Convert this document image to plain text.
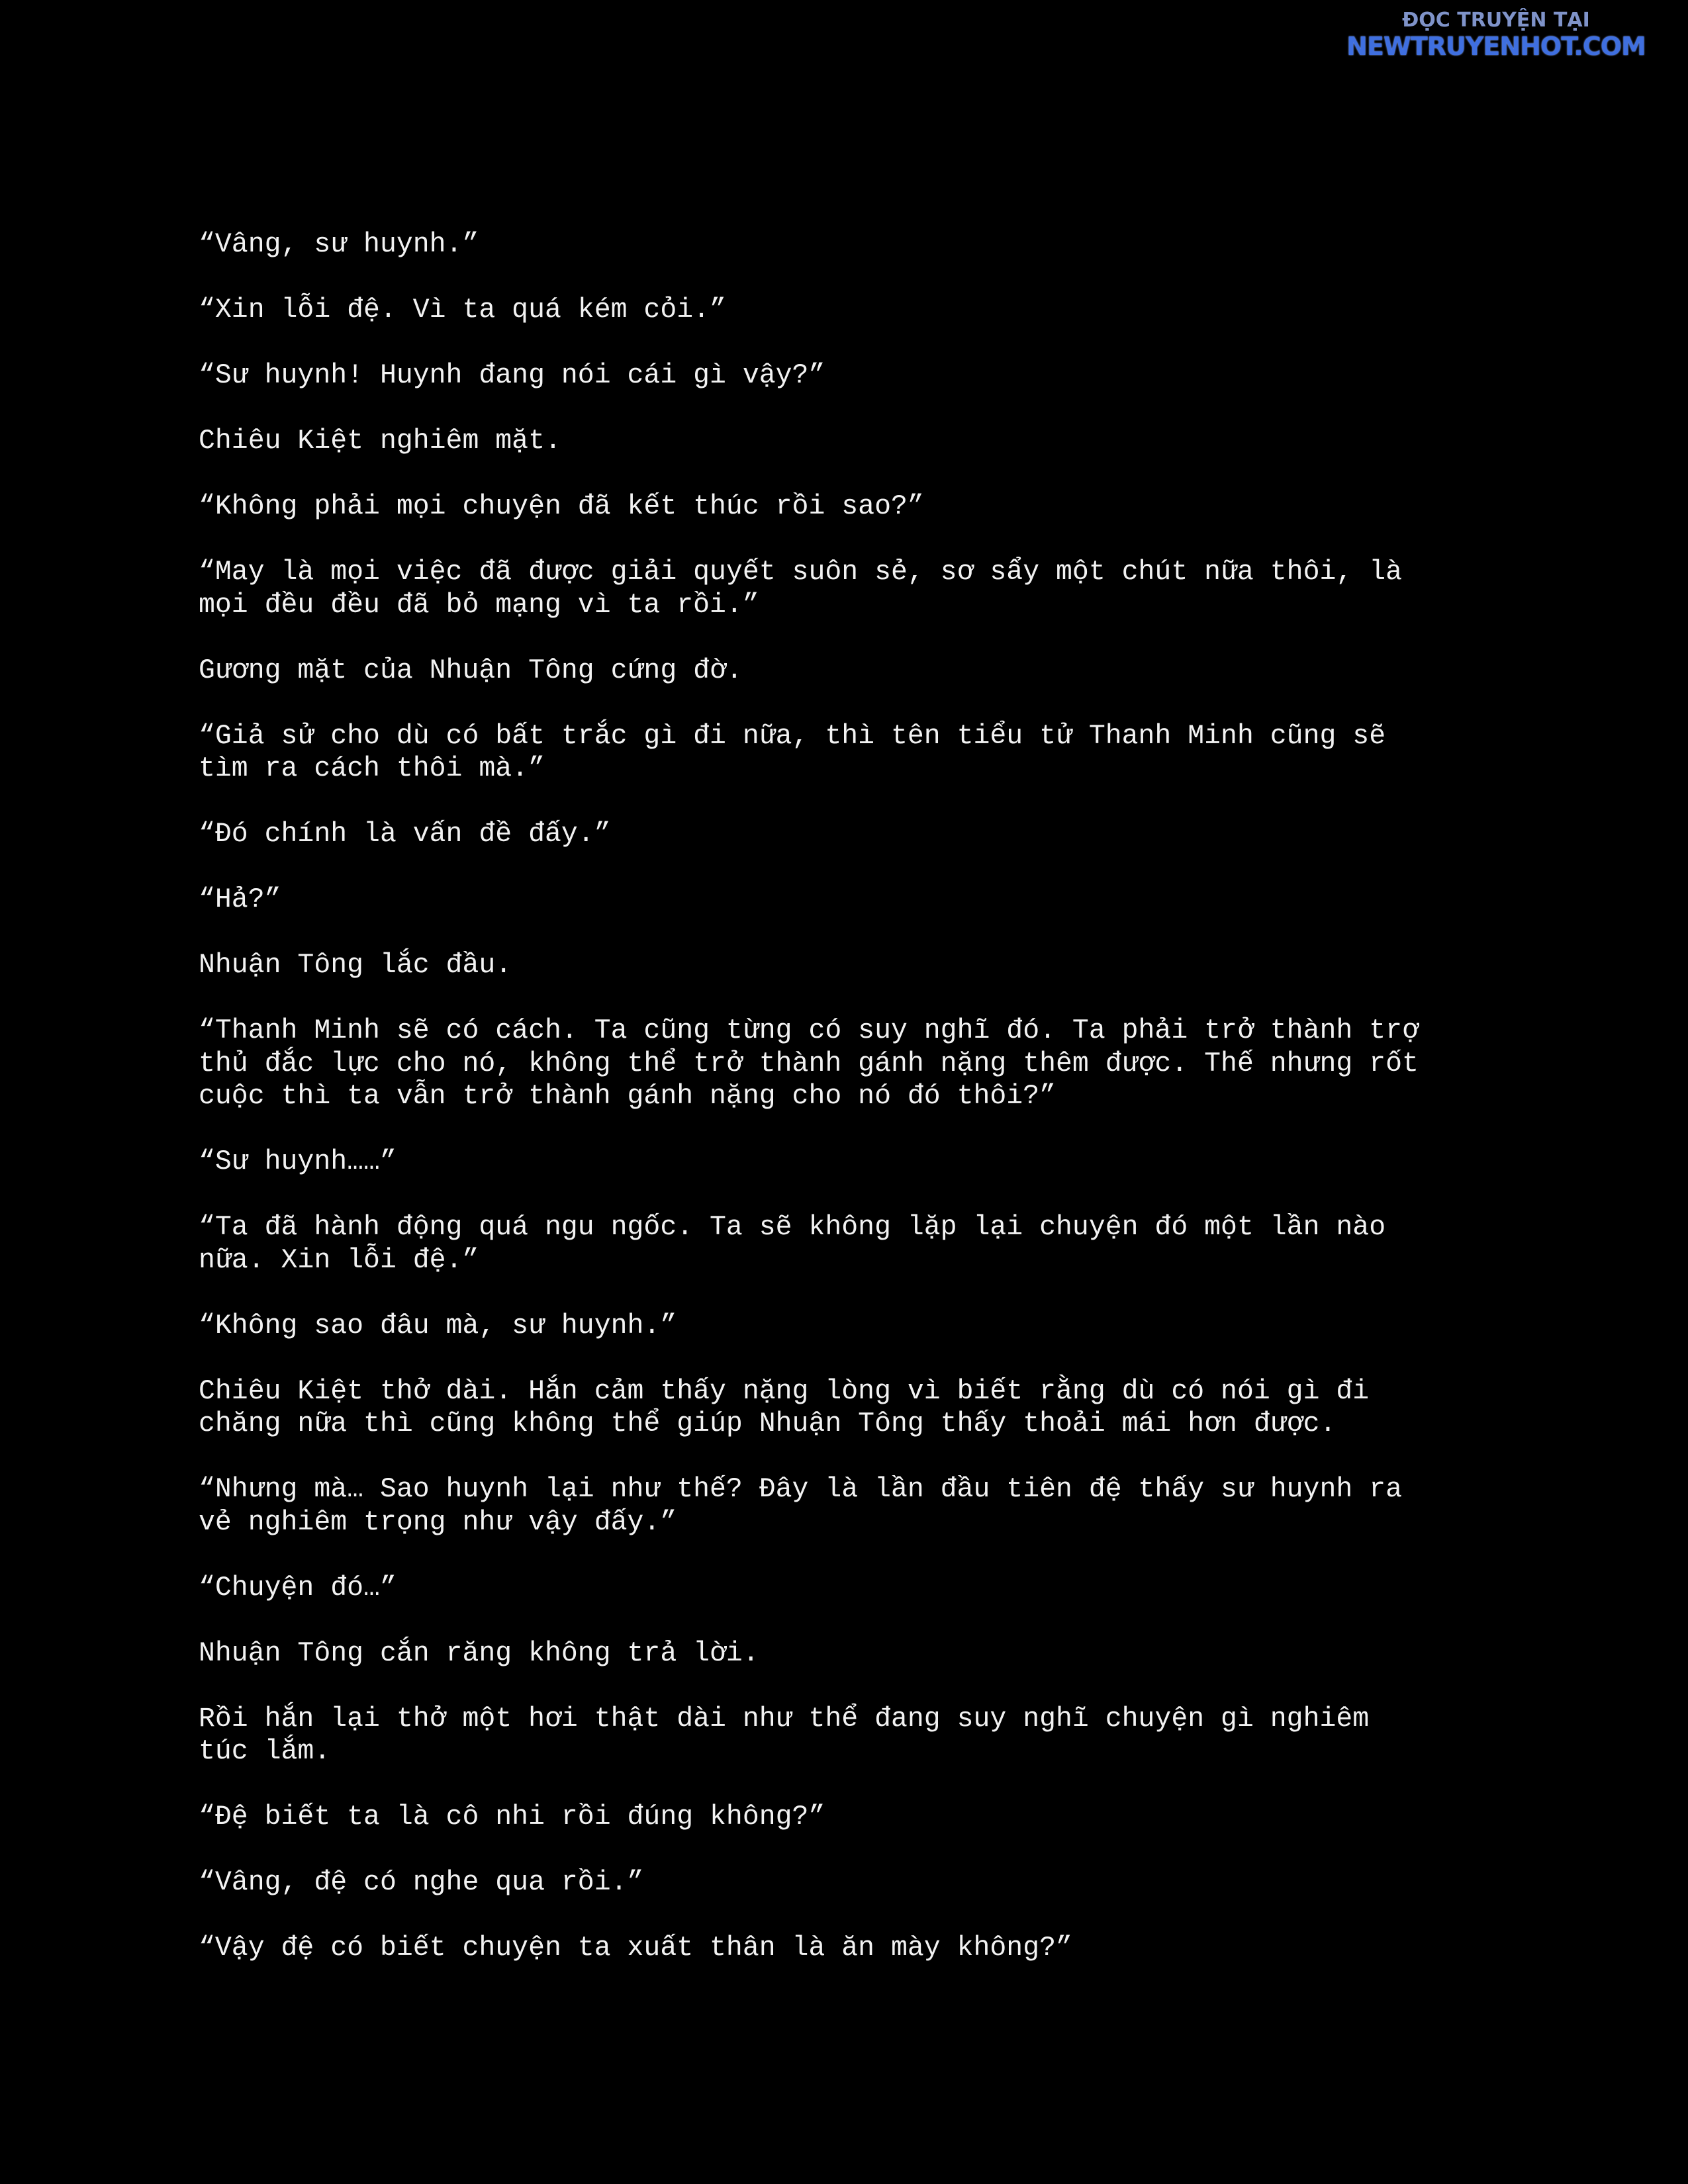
ĐỌC TRUYỆN TẠI
NEWTRUYENHOT.COM

“Vâng, sư huynh.”

“Xin lỗi đệ. Vì ta quá kém cỏi.”

“Sư huynh! Huynh đang nói cái gì vậy?”

Chiêu Kiệt nghiêm mặt.

“Không phải mọi chuyện đã kết thúc rồi sao?”

“May là mọi việc đã được giải quyết suôn sẻ, sơ sẩy một chút nữa thôi, là
mọi đều đều đã bỏ mạng vì ta rồi.”

Gương mặt của Nhuận Tông cứng đờ.

“Giả sử cho dù có bất trắc gì đi nữa, thì tên tiểu tử Thanh Minh cũng sẽ
tìm ra cách thôi mà.”

“Đó chính là vấn đề đấy.”

“Hả?”

Nhuận Tông lắc đầu.

“Thanh Minh sẽ có cách. Ta cũng từng có suy nghĩ đó. Ta phải trở thành trợ
thủ đắc lực cho nó, không thể trở thành gánh nặng thêm được. Thế nhưng rốt
cuộc thì ta vẫn trở thành gánh nặng cho nó đó thôi?”

“Sư huynh……”

“Ta đã hành động quá ngu ngốc. Ta sẽ không lặp lại chuyện đó một lần nào
nữa. Xin lỗi đệ.”

“Không sao đâu mà, sư huynh.”

Chiêu Kiệt thở dài. Hắn cảm thấy nặng lòng vì biết rằng dù có nói gì đi
chăng nữa thì cũng không thể giúp Nhuận Tông thấy thoải mái hơn được.

“Nhưng mà… Sao huynh lại như thế? Đây là lần đầu tiên đệ thấy sư huynh ra
vẻ nghiêm trọng như vậy đấy.”

“Chuyện đó…”

Nhuận Tông cắn răng không trả lời.

Rồi hắn lại thở một hơi thật dài như thể đang suy nghĩ chuyện gì nghiêm
túc lắm.

“Đệ biết ta là cô nhi rồi đúng không?”

“Vâng, đệ có nghe qua rồi.”

“Vậy đệ có biết chuyện ta xuất thân là ăn mày không?”
